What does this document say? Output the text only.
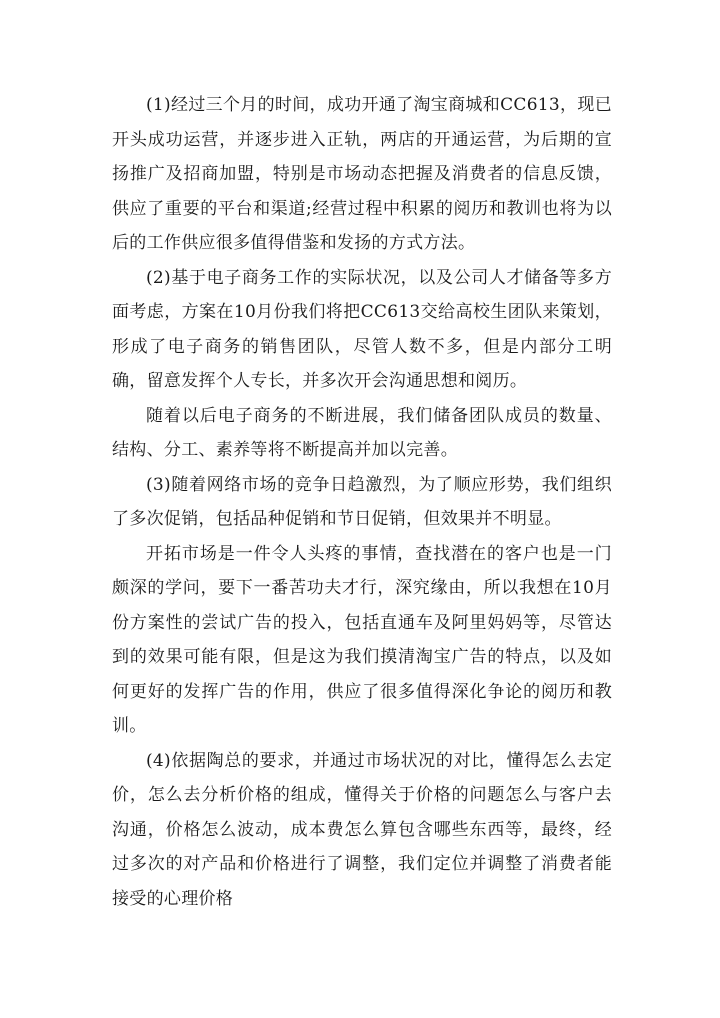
(1)经过三个月的时间，成功开通了淘宝商城和CC613，现已开头成功运营，并逐步进入正轨，两店的开通运营，为后期的宣扬推广及招商加盟，特别是市场动态把握及消费者的信息反馈，供应了重要的平台和渠道;经营过程中积累的阅历和教训也将为以后的工作供应很多值得借鉴和发扬的方式方法。

(2)基于电子商务工作的实际状况，以及公司人才储备等多方面考虑，方案在10月份我们将把CC613交给高校生团队来策划，形成了电子商务的销售团队，尽管人数不多，但是内部分工明确，留意发挥个人专长，并多次开会沟通思想和阅历。

随着以后电子商务的不断进展，我们储备团队成员的数量、结构、分工、素养等将不断提高并加以完善。

(3)随着网络市场的竞争日趋激烈，为了顺应形势，我们组织了多次促销，包括品种促销和节日促销，但效果并不明显。

开拓市场是一件令人头疼的事情，查找潜在的客户也是一门颇深的学问，要下一番苦功夫才行，深究缘由，所以我想在10月份方案性的尝试广告的投入，包括直通车及阿里妈妈等，尽管达到的效果可能有限，但是这为我们摸清淘宝广告的特点，以及如何更好的发挥广告的作用，供应了很多值得深化争论的阅历和教训。

(4)依据陶总的要求，并通过市场状况的对比，懂得怎么去定价，怎么去分析价格的组成，懂得关于价格的问题怎么与客户去沟通，价格怎么波动，成本费怎么算包含哪些东西等，最终，经过多次的对产品和价格进行了调整，我们定位并调整了消费者能接受的心理价格
